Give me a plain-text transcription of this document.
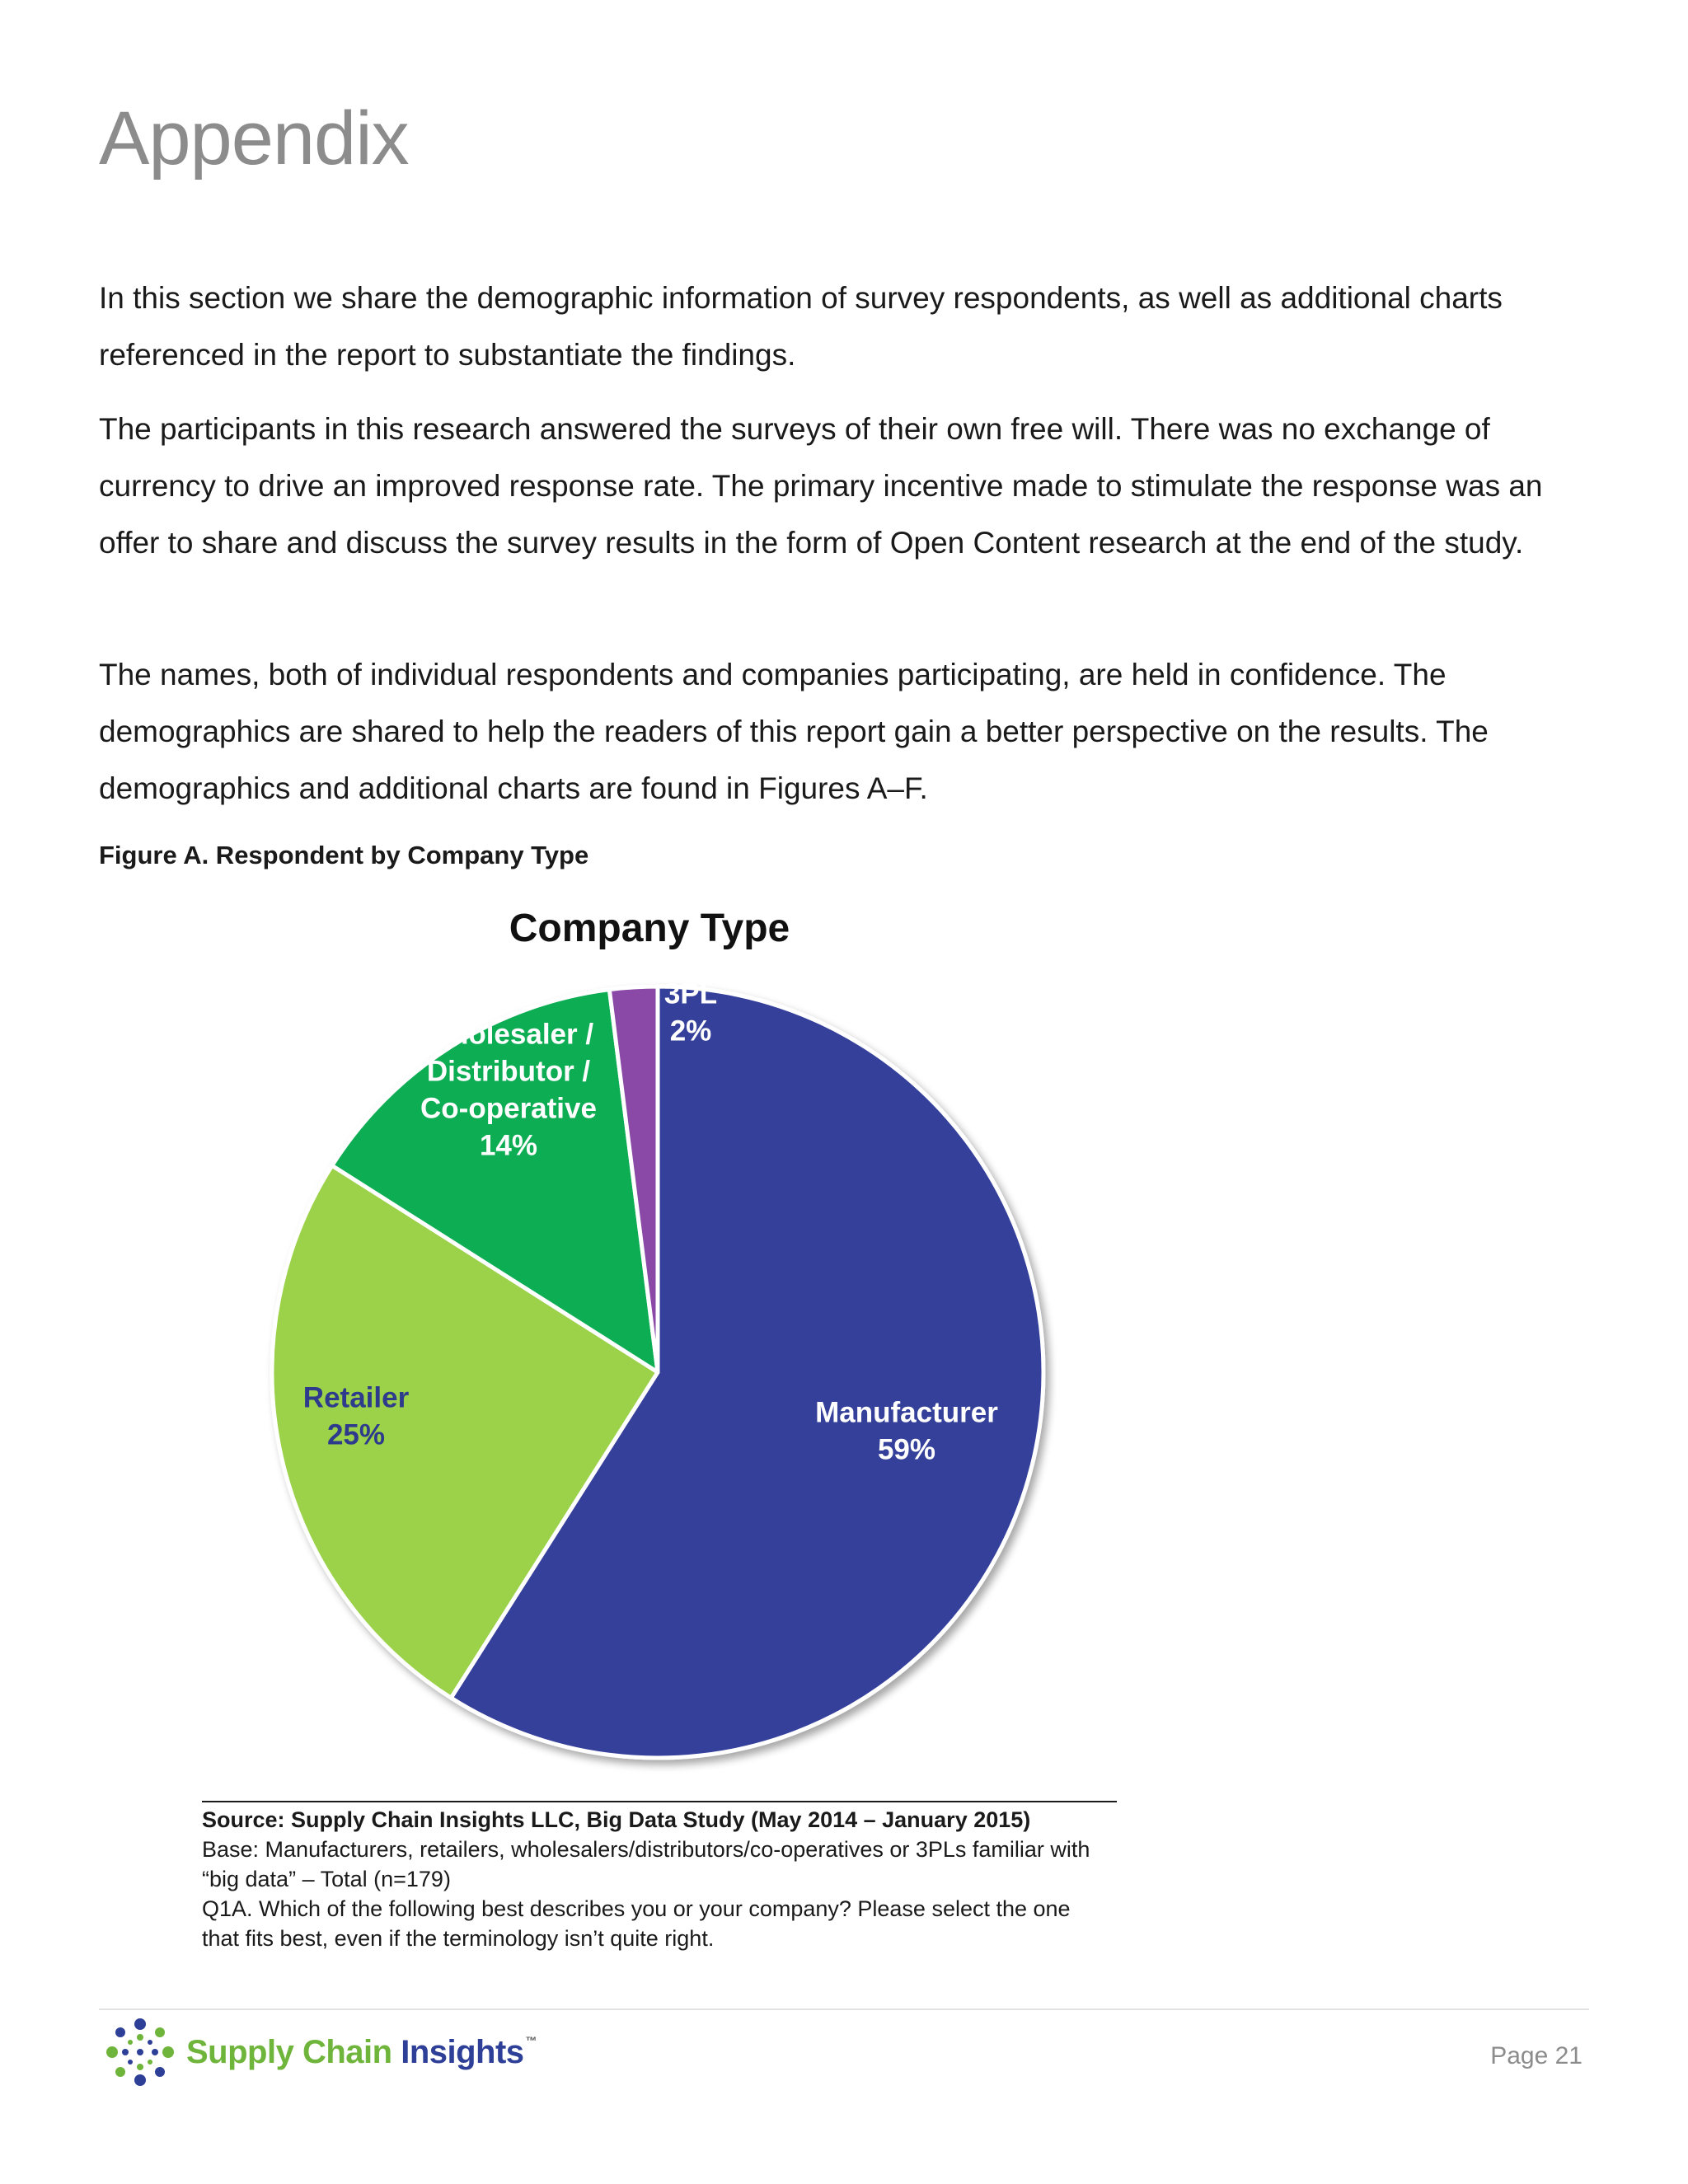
Appendix

In this section we share the demographic information of survey respondents, as well as additional charts referenced in the report to substantiate the findings.

The participants in this research answered the surveys of their own free will. There was no exchange of currency to drive an improved response rate. The primary incentive made to stimulate the response was an offer to share and discuss the survey results in the form of Open Content research at the end of the study.

The names, both of individual respondents and companies participating, are held in confidence. The demographics are shared to help the readers of this report gain a better perspective on the results. The demographics and additional charts are found in Figures A–F.

Figure A. Respondent by Company Type

Company Type
Manufacturer 59%
Retailer 25%
Wholesaler / Distributor / Co-operative 14%
3PL 2%
Source: Supply Chain Insights LLC, Big Data Study (May 2014 – January 2015)
Base: Manufacturers, retailers, wholesalers/distributors/co-operatives or 3PLs familiar with
“big data” – Total (n=179)
Q1A. Which of the following best describes you or your company? Please select the one
that fits best, even if the terminology isn’t quite right.
Supply Chain Insights ™
Page 21
